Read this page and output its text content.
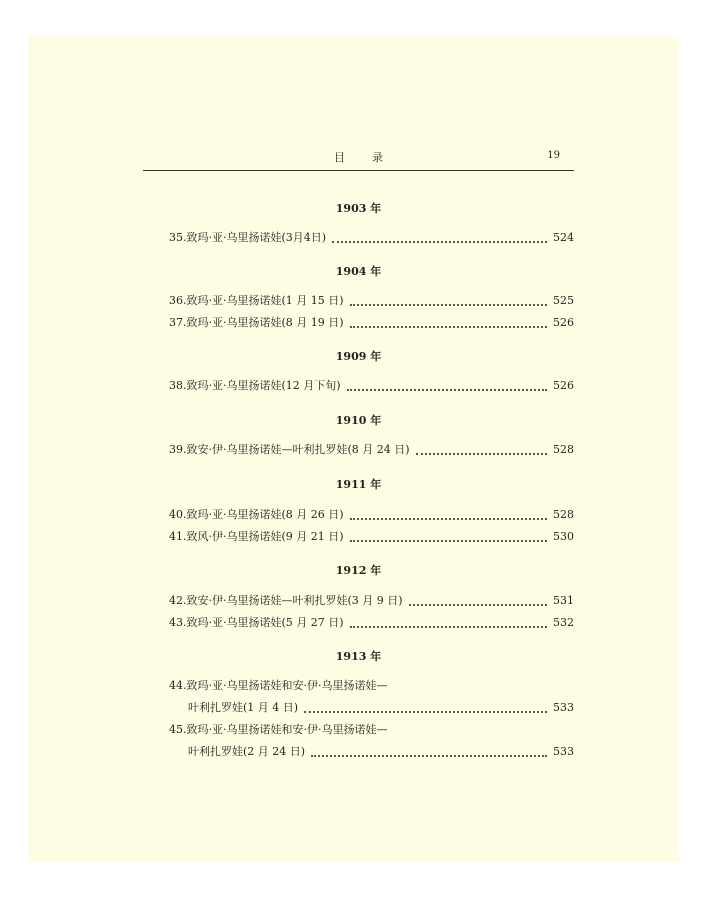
目录	19
1903 年
35.致玛·亚·乌里扬诺娃(3月4日)	524
1904 年
36.致玛·亚·乌里扬诺娃(1 月 15 日)	525
37.致玛·亚·乌里扬诺娃(8 月 19 日)	526
1909 年
38.致玛·亚·乌里扬诺娃(12 月下旬)	526
1910 年
39.致安·伊·乌里扬诺娃—叶利扎罗娃(8 月 24 日)	528
1911 年
40.致玛·亚·乌里扬诺娃(8 月 26 日)	528
41.致风·伊·乌里扬诺娃(9 月 21 日)	530
1912 年
42.致安·伊·乌里扬诺娃—叶利扎罗娃(3 月 9 日)	531
43.致玛·亚·乌里扬诺娃(5 月 27 日)	532
1913 年
44.致玛·亚·乌里扬诺娃和安·伊·乌里扬诺娃—
叶利扎罗娃(1 月 4 日)	533
45.致玛·亚·乌里扬诺娃和安·伊·乌里扬诺娃—
叶利扎罗娃(2 月 24 日)	533
